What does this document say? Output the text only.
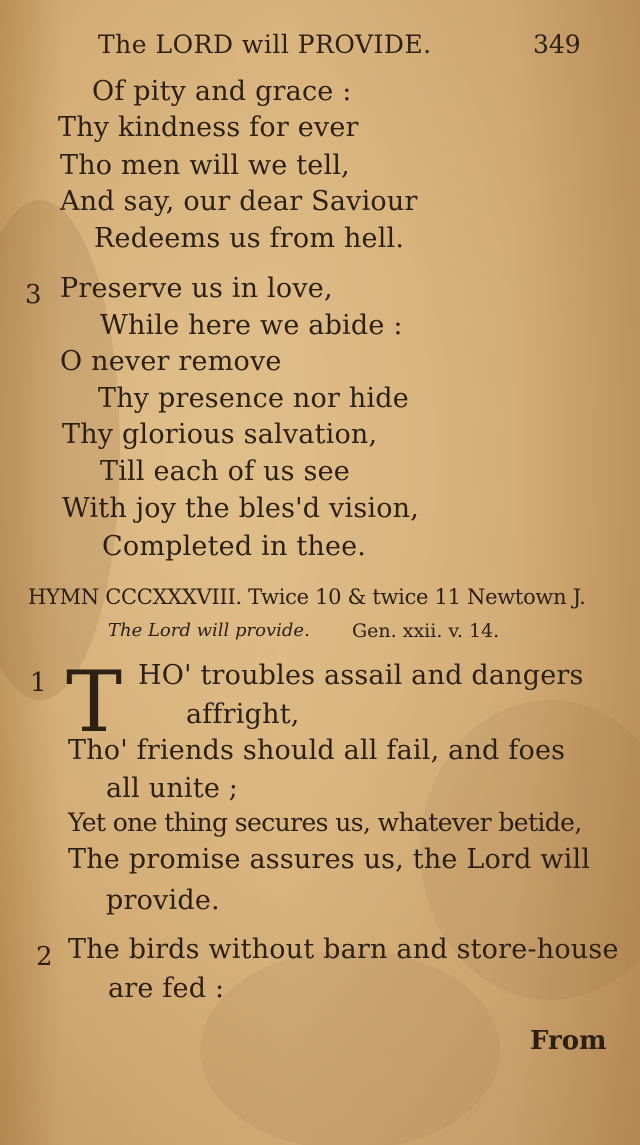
The LORD will PROVIDE.	349
Of pity and grace :
Thy kindness for ever
Tho men will we tell,
And say, our dear Saviour
Redeems us from hell.
3 Preserve us in love,
While here we abide :
O never remove
Thy presence nor hide
Thy glorious salvation,
Till each of us see
With joy the bles'd vision,
Completed in thee.
HYMN CCCXXXVIII. Twice 10 & twice 11 Newtown J.
The Lord will provide. Gen. xxii. v. 14.
1 T HO' troubles assail and dangers
affright,
Tho' friends should all fail, and foes
all unite ;
Yet one thing secures us, whatever betide,
The promise assures us, the Lord will
provide.
2 The birds without barn and store-house
are fed :
From
